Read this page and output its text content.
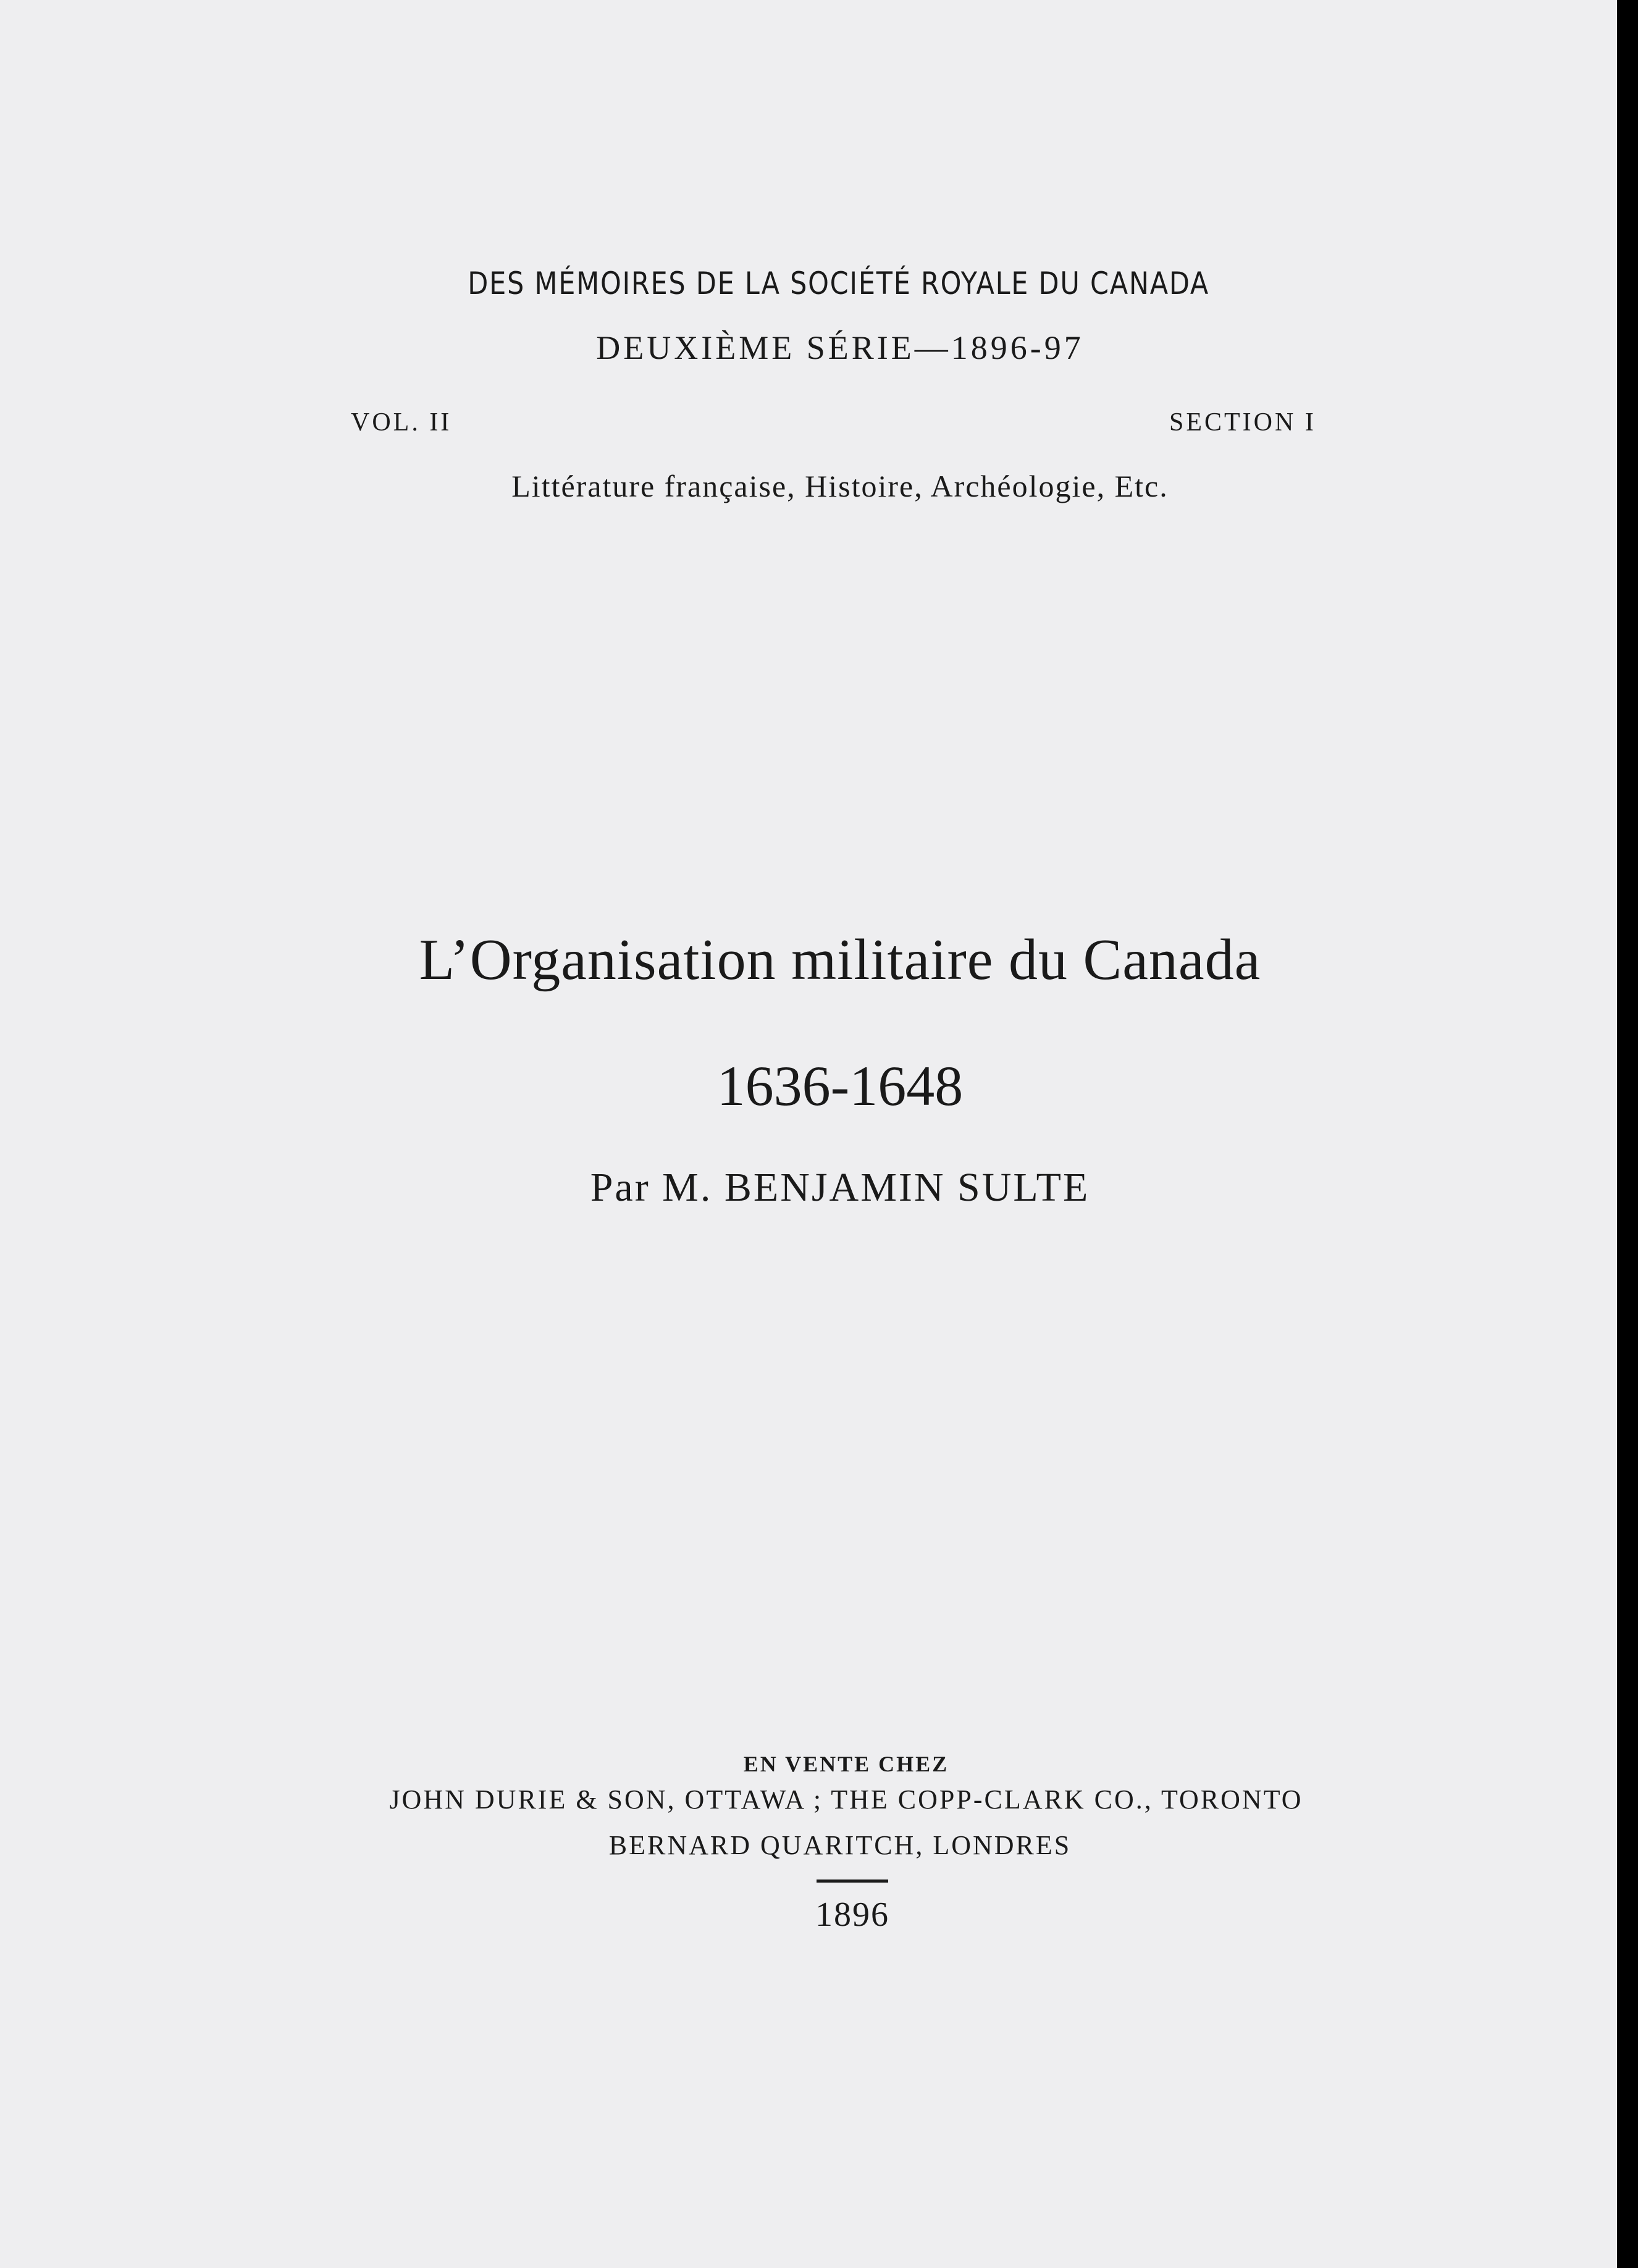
DES MÉMOIRES DE LA SOCIÉTÉ ROYALE DU CANADA
DEUXIÈME SÉRIE—1896-97
VOL. II	SECTION I
Littérature française, Histoire, Archéologie, Etc.
L’Organisation militaire du Canada
1636-1648
Par M. BENJAMIN SULTE
EN VENTE CHEZ
JOHN DURIE & SON, OTTAWA ; THE COPP-CLARK CO., TORONTO
BERNARD QUARITCH, LONDRES
1896
